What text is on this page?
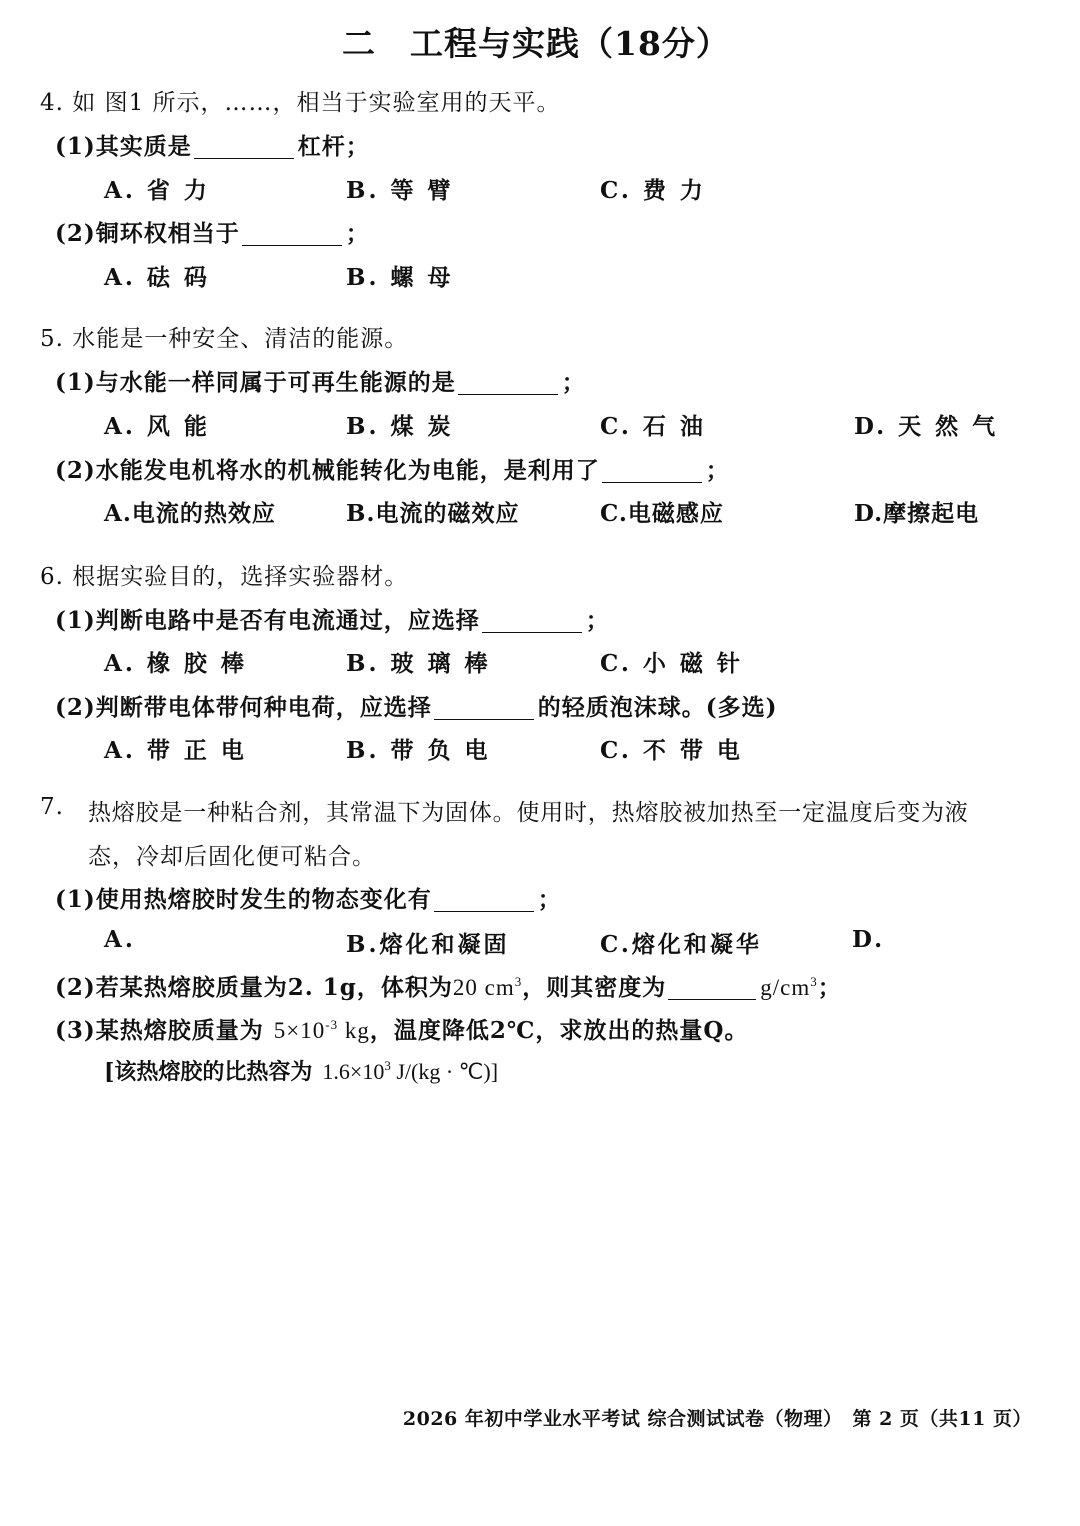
二　工程与实践（18分）
4. 如 图1 所示，……，相当于实验室用的天平。
(1)其实质是	杠杆；
A. 省 力	B. 等 臂	C. 费 力
(2)铜环权相当于	；
A. 砝 码	B. 螺 母
5. 水能是一种安全、清洁的能源。
(1)与水能一样同属于可再生能源的是	；
A. 风 能	B. 煤 炭	C. 石 油	D. 天 然 气
(2)水能发电机将水的机械能转化为电能，是利用了	；
A.电流的热效应	B.电流的磁效应	C.电磁感应	D.摩擦起电
6. 根据实验目的，选择实验器材。
(1)判断电路中是否有电流通过，应选择	；
A. 橡 胶 棒	B. 玻 璃 棒	C. 小 磁 针
(2)判断带电体带何种电荷，应选择	的轻质泡沫球。(多选)
A. 带 正 电	B. 带 负 电	C. 不 带 电
7. 热熔胶是一种粘合剂，其常温下为固体。使用时，热熔胶被加热至一定温度后变为液
态，冷却后固化便可粘合。
(1)使用热熔胶时发生的物态变化有	；
A.	B.熔化和凝固	C.熔化和凝华	D.
(2)若某热熔胶质量为2. 1g，体积为20 $cm^3$，则其密度为	$g/cm^3$；
(3)某热熔胶质量为 $5\times 10^{-3}$ kg，温度降低2℃，求放出的热量Q。
[该热熔胶的比热容为 $1.6\times 10^3$ J/(kg · ℃)]
2026 年初中学业水平考试 综合测试试卷（物理）　第 2 页（共11 页）
